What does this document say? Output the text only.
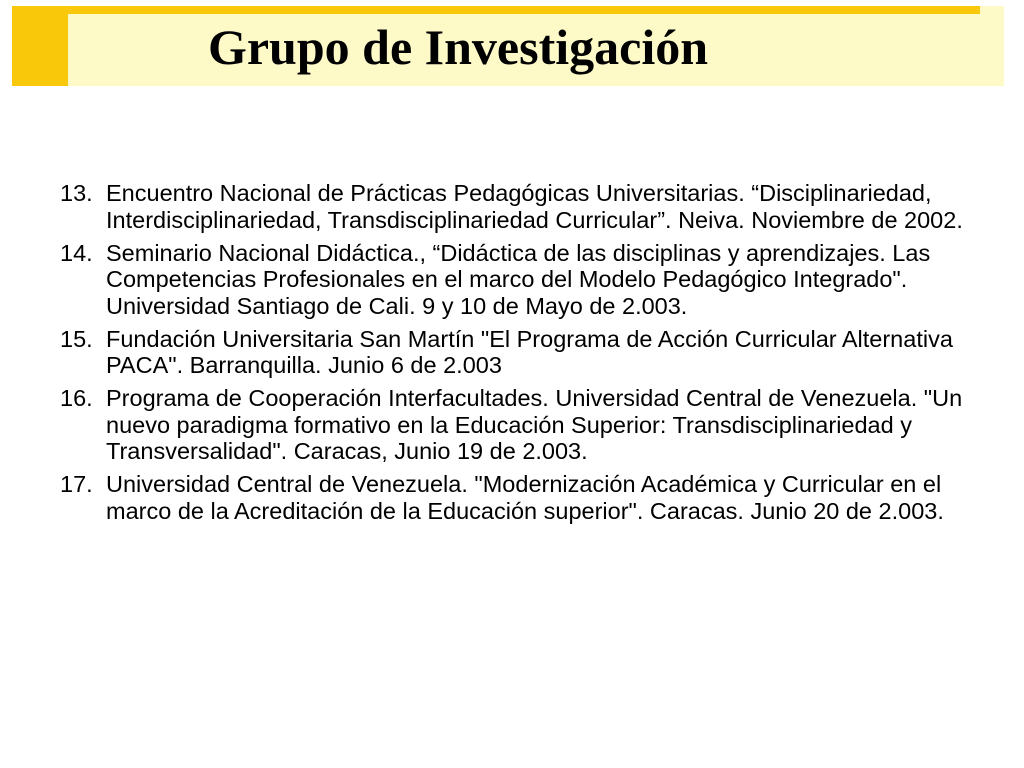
Grupo de Investigación
13. Encuentro Nacional de Prácticas Pedagógicas Universitarias. “Disciplinariedad, Interdisciplinariedad, Transdisciplinariedad Curricular”. Neiva. Noviembre de 2002.
14. Seminario Nacional Didáctica., “Didáctica de las disciplinas y aprendizajes. Las Competencias Profesionales en el marco del Modelo Pedagógico Integrado". Universidad Santiago de Cali. 9 y 10 de Mayo de 2.003.
15. Fundación Universitaria San Martín "El Programa de Acción Curricular Alternativa PACA". Barranquilla. Junio 6 de 2.003
16. Programa de Cooperación Interfacultades. Universidad Central de Venezuela. "Un nuevo paradigma formativo en la Educación Superior: Transdisciplinariedad y Transversalidad". Caracas, Junio 19 de 2.003.
17. Universidad Central de Venezuela. "Modernización Académica y Curricular en el marco de la Acreditación de la Educación superior". Caracas. Junio 20 de 2.003.
